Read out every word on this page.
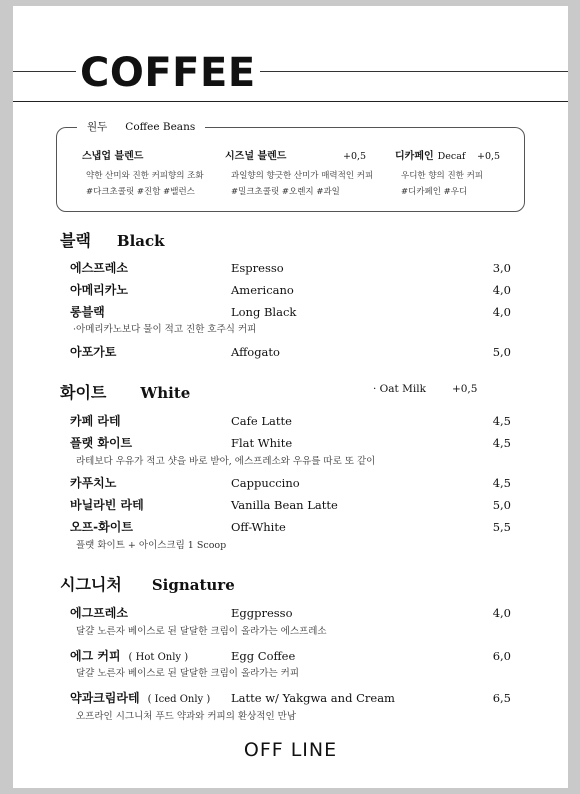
COFFEE
원두 Coffee Beans
스냅업 블렌드
약한 산미와 진한 커피향의 조화
#다크초콜릿 #진함 #밸런스
시즈널 블렌드	+0,5
과일향의 향긋한 산미가 매력적인 커피
#밀크초콜릿 #오렌지 #과일
디카페인 Decaf +0,5
우디한 향의 진한 커피
#디카페인 #우디
블랙 Black
에스프레소	Espresso	3,0
아메리카노	Americano	4,0
롱블랙	Long Black	4,0
·아메리카노보다 물이 적고 진한 호주식 커피
아포가토	Affogato	5,0
화이트 White	· Oat Milk +0,5
카페 라테	Cafe Latte	4,5
플랫 화이트	Flat White	4,5
라테보다 우유가 적고 샷을 바로 받아, 에스프레소와 우유를 따로 또 같이
카푸치노	Cappuccino	4,5
바닐라빈 라테	Vanilla Bean Latte	5,0
오프-화이트	Off-White	5,5
플랫 화이트 + 아이스크림 1 Scoop
시그니처 Signature
에그프레소	Eggpresso	4,0
달걀 노른자 베이스로 된 달달한 크림이 올라가는 에스프레소
에그 커피 ( Hot Only )	Egg Coffee	6,0
달걀 노른자 베이스로 된 달달한 크림이 올라가는 커피
약과크림라테 ( Iced Only ) Latte w/ Yakgwa and Cream	6,5
오프라인 시그니처 푸드 약과와 커피의 환상적인 만남
OFF LINE
